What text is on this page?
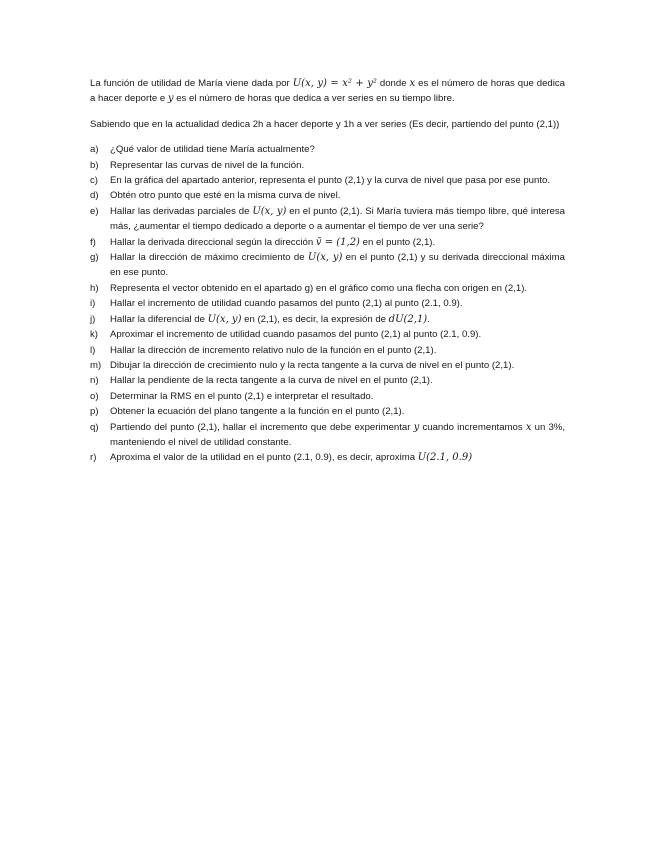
La función de utilidad de María viene dada por U(x, y) = x² + y² donde x es el número de horas que dedica a hacer deporte e y es el número de horas que dedica a ver series en su tiempo libre.

Sabiendo que en la actualidad dedica 2h a hacer deporte y 1h a ver series (Es decir, partiendo del punto (2,1))

a)	¿Qué valor de utilidad tiene María actualmente?
b)	Representar las curvas de nivel de la función.
c)	En la gráfica del apartado anterior, representa el punto (2,1) y la curva de nivel que pasa por ese punto.
d)	Obtén otro punto que esté en la misma curva de nivel.
e)	Hallar las derivadas parciales de U(x, y) en el punto (2,1). Si María tuviera más tiempo libre, qué interesa más, ¿aumentar el tiempo dedicado a deporte o a aumentar el tiempo de ver una serie?
f)	Hallar la derivada direccional según la dirección v̄ = (1,2) en el punto (2,1).
g)	Hallar la dirección de máximo crecimiento de U(x, y) en el punto (2,1) y su derivada direccional máxima en ese punto.
h)	Representa el vector obtenido en el apartado g) en el gráfico como una flecha con origen en (2,1).
i)	Hallar el incremento de utilidad cuando pasamos del punto (2,1) al punto (2.1, 0.9).
j)	Hallar la diferencial de U(x, y) en (2,1), es decir, la expresión de dU(2,1).
k)	Aproximar el incremento de utilidad cuando pasamos del punto (2,1) al punto (2.1, 0.9).
l)	Hallar la dirección de incremento relativo nulo de la función en el punto (2,1).
m) Dibujar la dirección de crecimiento nulo y la recta tangente a la curva de nivel en el punto (2,1).
n)	Hallar la pendiente de la recta tangente a la curva de nivel en el punto (2,1).
o)	Determinar la RMS en el punto (2,1) e interpretar el resultado.
p)	Obtener la ecuación del plano tangente a la función en el punto (2,1).
q)	Partiendo del punto (2,1), hallar el incremento que debe experimentar y cuando incrementamos x un 3%, manteniendo el nivel de utilidad constante.
r)	Aproxima el valor de la utilidad en el punto (2.1, 0.9), es decir, aproxima U(2.1, 0.9)
